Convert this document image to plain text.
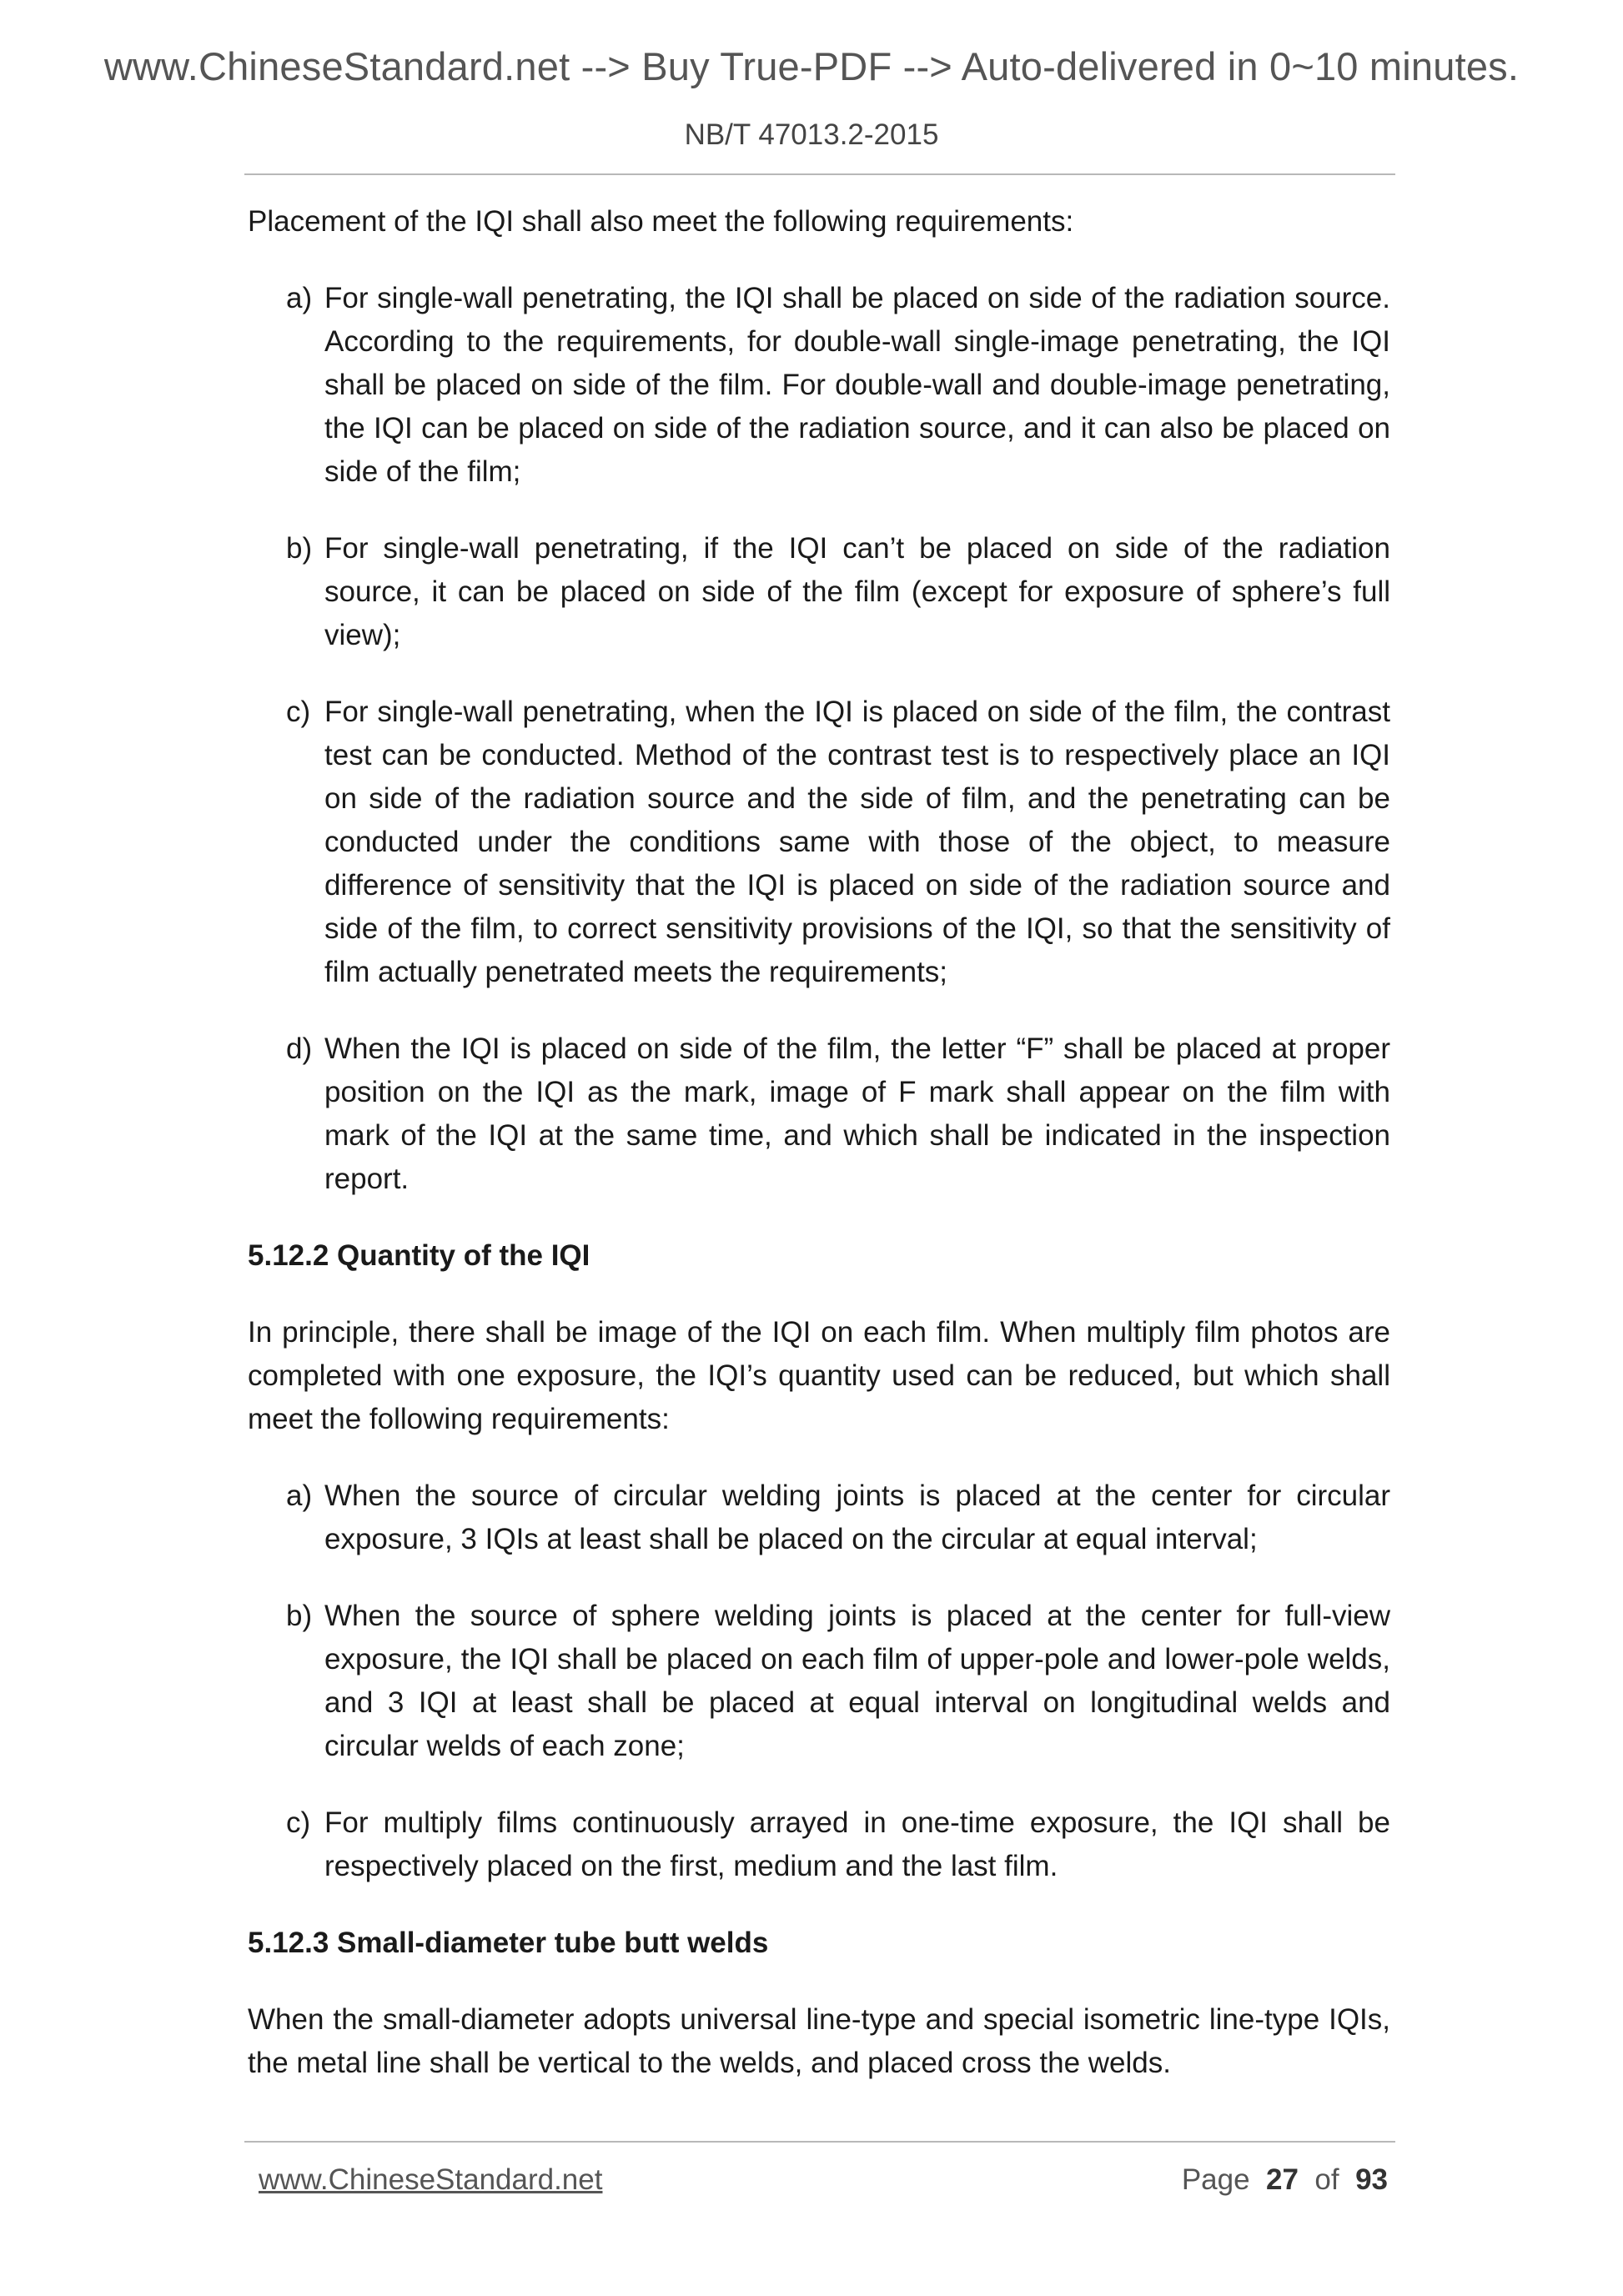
www.ChineseStandard.net --> Buy True-PDF --> Auto-delivered in 0~10 minutes.
NB/T 47013.2-2015

Placement of the IQI shall also meet the following requirements:

a) For single-wall penetrating, the IQI shall be placed on side of the radiation source. According to the requirements, for double-wall single-image penetrating, the IQI shall be placed on side of the film. For double-wall and double-image penetrating, the IQI can be placed on side of the radiation source, and it can also be placed on side of the film;
b) For single-wall penetrating, if the IQI can’t be placed on side of the radiation source, it can be placed on side of the film (except for exposure of sphere’s full view);
c) For single-wall penetrating, when the IQI is placed on side of the film, the contrast test can be conducted. Method of the contrast test is to respectively place an IQI on side of the radiation source and the side of film, and the penetrating can be conducted under the conditions same with those of the object, to measure difference of sensitivity that the IQI is placed on side of the radiation source and side of the film, to correct sensitivity provisions of the IQI, so that the sensitivity of film actually penetrated meets the requirements;
d) When the IQI is placed on side of the film, the letter “F” shall be placed at proper position on the IQI as the mark, image of F mark shall appear on the film with mark of the IQI at the same time, and which shall be indicated in the inspection report.

5.12.2 Quantity of the IQI

In principle, there shall be image of the IQI on each film. When multiply film photos are completed with one exposure, the IQI’s quantity used can be reduced, but which shall meet the following requirements:

a) When the source of circular welding joints is placed at the center for circular exposure, 3 IQIs at least shall be placed on the circular at equal interval;
b) When the source of sphere welding joints is placed at the center for full-view exposure, the IQI shall be placed on each film of upper-pole and lower-pole welds, and 3 IQI at least shall be placed at equal interval on longitudinal welds and circular welds of each zone;
c) For multiply films continuously arrayed in one-time exposure, the IQI shall be respectively placed on the first, medium and the last film.

5.12.3 Small-diameter tube butt welds

When the small-diameter adopts universal line-type and special isometric line-type IQIs, the metal line shall be vertical to the welds, and placed cross the welds.

www.ChineseStandard.net	Page 27 of 93
